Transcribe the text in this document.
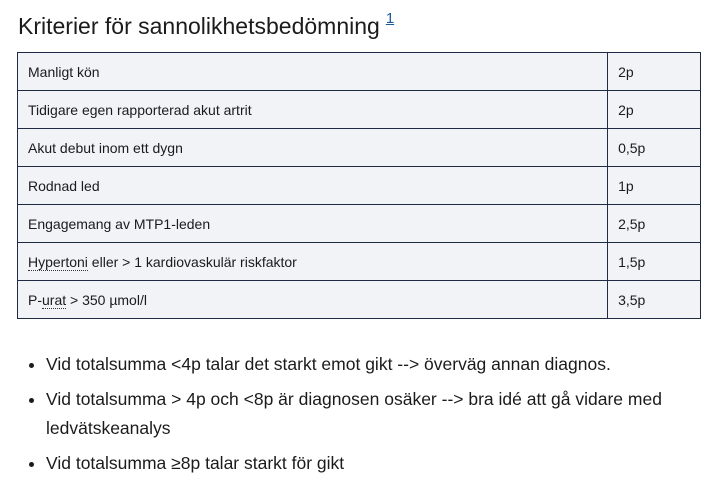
Kriterier för sannolikhetsbedömning $^1$
Manligt kön	2p
Tidigare egen rapporterad akut artrit	2p
Akut debut inom ett dygn	0,5p
Rodnad led	1p
Engagemang av MTP1-leden	2,5p
Hypertoni eller > 1 kardiovaskulär riskfaktor	1,5p
P-urat > 350 µmol/l	3,5p
• Vid totalsumma <4p talar det starkt emot gikt --> överväg annan diagnos.
• Vid totalsumma > 4p och <8p är diagnosen osäker --> bra idé att gå vidare med ledvätskeanalys
• Vid totalsumma ≥8p talar starkt för gikt
